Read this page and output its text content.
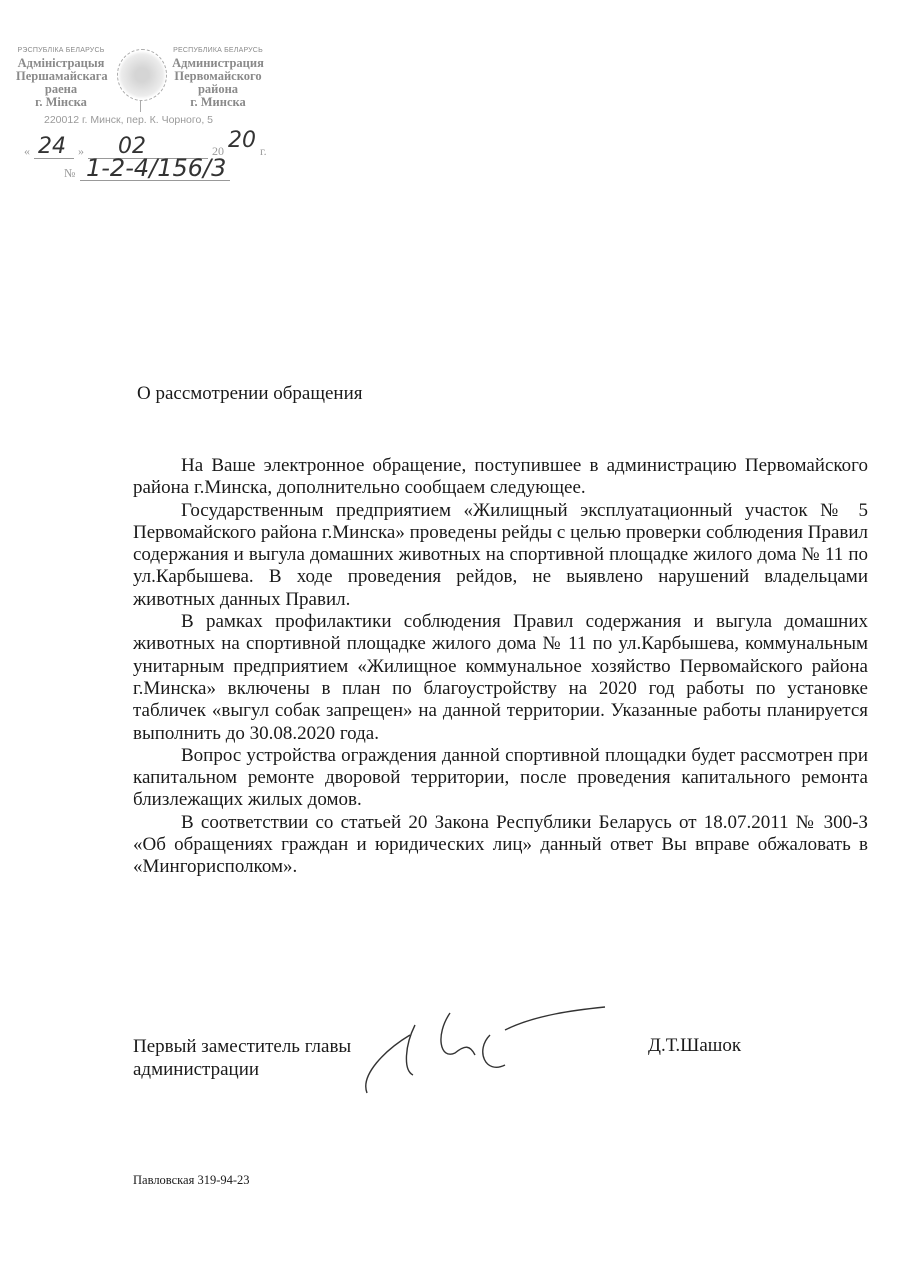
РЭСПУБЛІКА БЕЛАРУСЬ
Адміністрацыя
Першамайскага
раена
г. Мінска
РЕСПУБЛИКА БЕЛАРУСЬ
Администрация
Первомайского
района
г. Минска
220012 г. Минск, пер. К. Чорного, 5
« 24 » 02	20 20 г.
№ 1-2-4/156/3
О рассмотрении обращения

На Ваше электронное обращение, поступившее в администрацию Первомайского района г.Минска, дополнительно сообщаем следующее.

Государственным предприятием «Жилищный эксплуатационный участок № 5 Первомайского района г.Минска» проведены рейды с целью проверки соблюдения Правил содержания и выгула домашних животных на спортивной площадке жилого дома № 11 по ул.Карбышева. В ходе проведения рейдов, не выявлено нарушений владельцами животных данных Правил.

В рамках профилактики соблюдения Правил содержания и выгула домашних животных на спортивной площадке жилого дома № 11 по ул.Карбышева, коммунальным унитарным предприятием «Жилищное коммунальное хозяйство Первомайского района г.Минска» включены в план по благоустройству на 2020 год работы по установке табличек «выгул собак запрещен» на данной территории. Указанные работы планируется выполнить до 30.08.2020 года.

Вопрос устройства ограждения данной спортивной площадки будет рассмотрен при капитальном ремонте дворовой территории, после проведения капитального ремонта близлежащих жилых домов.

В соответствии со статьей 20 Закона Республики Беларусь от 18.07.2011 № 300-З «Об обращениях граждан и юридических лиц» данный ответ Вы вправе обжаловать в «Мингорисполком».

Первый заместитель главы
администрации
Д.Т.Шашок
Павловская 319-94-23
